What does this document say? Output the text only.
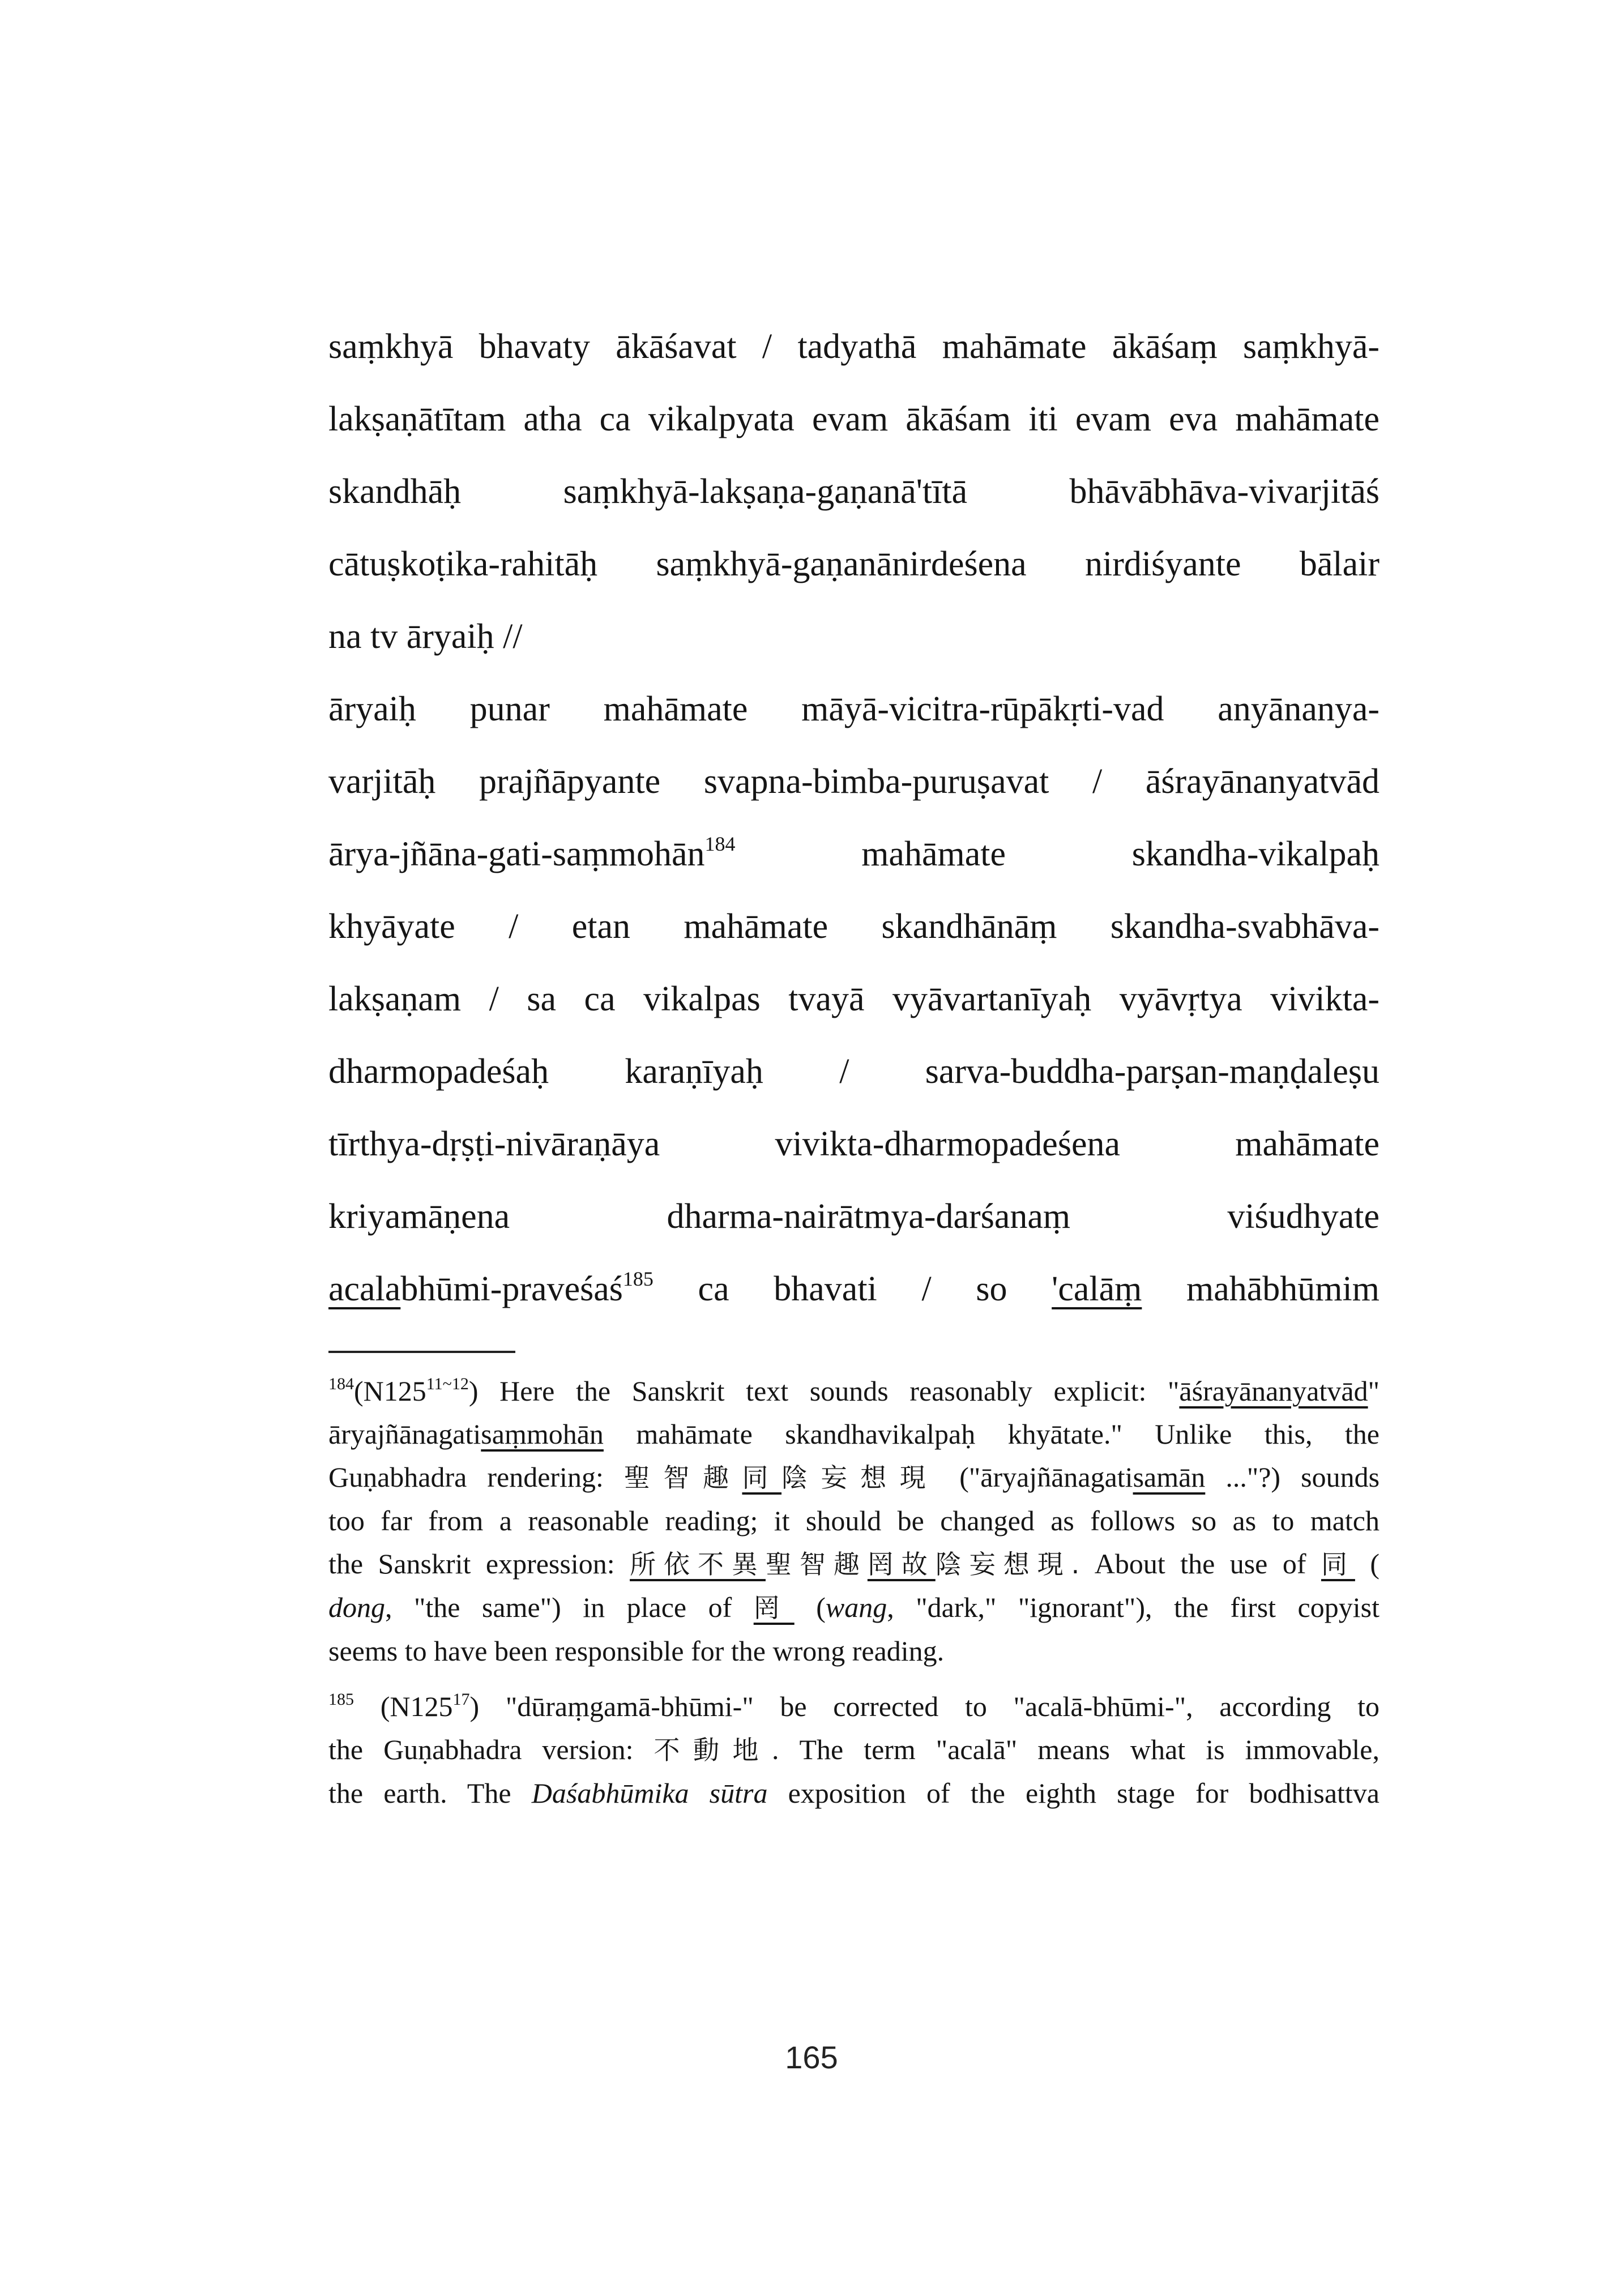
saṃkhyā bhavaty ākāśavat / tadyathā mahāmate ākāśaṃ saṃkhyā-
lakṣaṇātītam atha ca vikalpyata evam ākāśam iti evam eva mahāmate
skandhāḥ saṃkhyā-lakṣaṇa-gaṇanā'tītā bhāvābhāva-vivarjitāś
cātuṣkoṭika-rahitāḥ saṃkhyā-gaṇanānirdeśena nirdiśyante bālair
na tv āryaiḥ //

āryaiḥ punar mahāmate māyā-vicitra-rūpākṛti-vad anyānanya-
varjitāḥ prajñāpyante svapna-bimba-puruṣavat / āśrayānanyatvād
ārya-jñāna-gati-saṃmohān$^{184}$ mahāmate skandha-vikalpaḥ
khyāyate / etan mahāmate skandhānāṃ skandha-svabhāva-
lakṣaṇam / sa ca vikalpas tvayā vyāvartanīyaḥ vyāvṛtya vivikta-
dharmopadeśaḥ karaṇīyaḥ / sarva-buddha-parṣan-maṇḍaleṣu
tīrthya-dṛṣṭi-nivāraṇāya vivikta-dharmopadeśena mahāmate
kriyamāṇena dharma-nairātmya-darśanaṃ viśudhyate
acalabhūmi-praveśaś$^{185}$ ca bhavati / so 'calāṃ mahābhūmim

$^{184}(N125^{11\sim 12})$ Here the Sanskrit text sounds reasonably explicit: "āśrayānanyatvād"
āryajñānagatisaṃmohān mahāmate skandhavikalpaḥ khyātate." Unlike this, the
Guṇabhadra rendering: 聖智趣同陰妄想現 ("āryajñānagatisamān ..."?) sounds
too far from a reasonable reading; it should be changed as follows so as to match
the Sanskrit expression: 所依不異聖智趣罔故陰妄想現. About the use of 同 (
dong, "the same") in place of 罔 (wang, "dark," "ignorant"), the first copyist
seems to have been responsible for the wrong reading.
$^{185}$ $(N125^{17})$ "dūraṃgamā-bhūmi-" be corrected to "acalā-bhūmi-", according to
the Guṇabhadra version: 不動地. The term "acalā" means what is immovable,
the earth. The Daśabhūmika sūtra exposition of the eighth stage for bodhisattva
165
